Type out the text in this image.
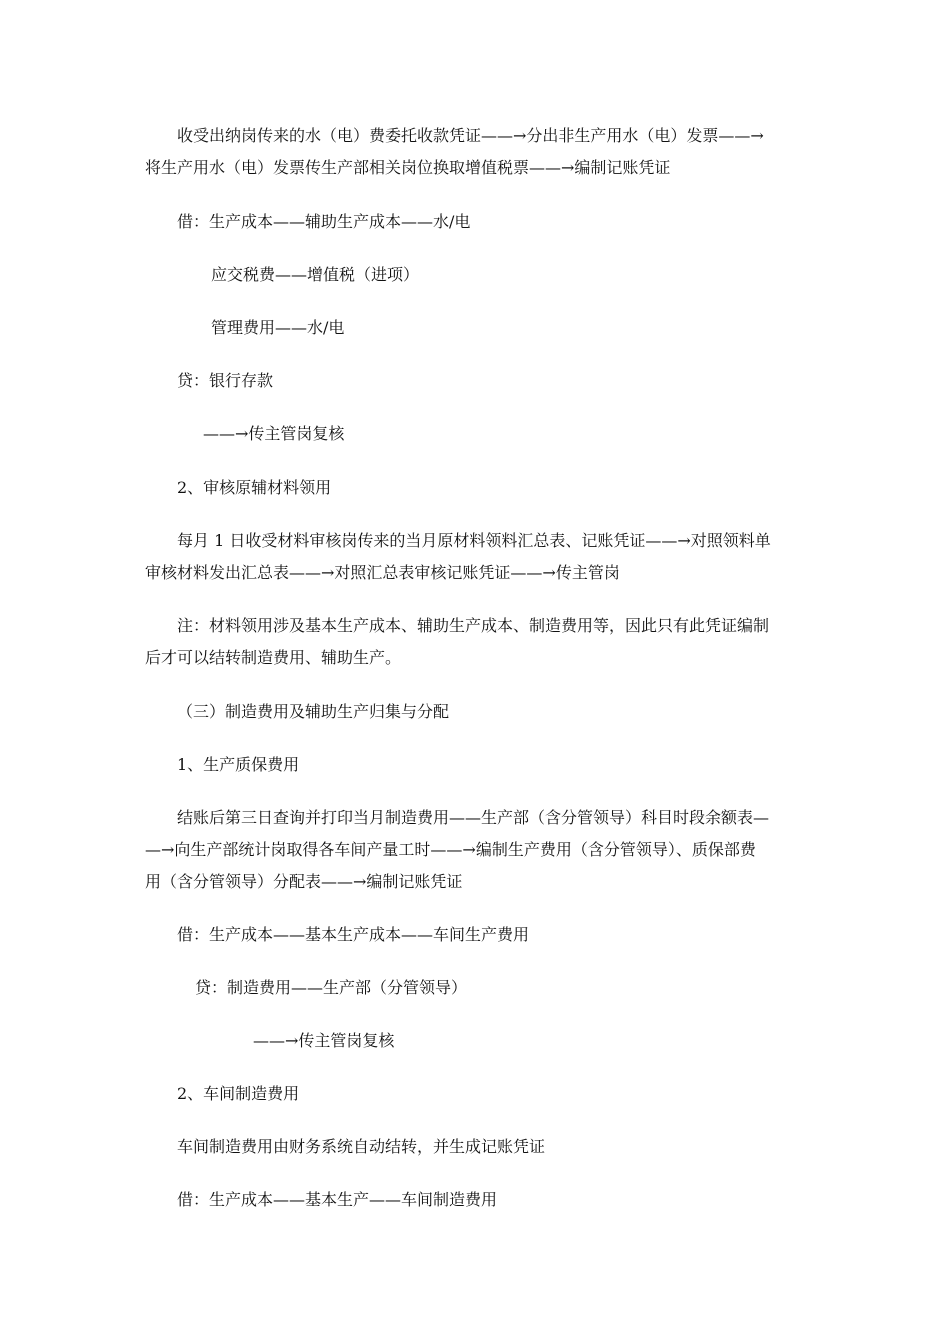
收受出纳岗传来的水（电）费委托收款凭证——→分出非生产用水（电）发票——→
将生产用水（电）发票传生产部相关岗位换取增值税票——→编制记账凭证

借：生产成本——辅助生产成本——水/电

应交税费——增值税（进项）

管理费用——水/电

贷：银行存款

——→传主管岗复核

2、审核原辅材料领用

每月 1 日收受材料审核岗传来的当月原材料领料汇总表、记账凭证——→对照领料单
审核材料发出汇总表——→对照汇总表审核记账凭证——→传主管岗

注：材料领用涉及基本生产成本、辅助生产成本、制造费用等，因此只有此凭证编制
后才可以结转制造费用、辅助生产。

（三）制造费用及辅助生产归集与分配

1、生产质保费用

结账后第三日查询并打印当月制造费用——生产部（含分管领导）科目时段余额表—
—→向生产部统计岗取得各车间产量工时——→编制生产费用（含分管领导）、质保部费
用（含分管领导）分配表——→编制记账凭证

借：生产成本——基本生产成本——车间生产费用

贷：制造费用——生产部（分管领导）

——→传主管岗复核

2、车间制造费用

车间制造费用由财务系统自动结转，并生成记账凭证

借：生产成本——基本生产——车间制造费用
